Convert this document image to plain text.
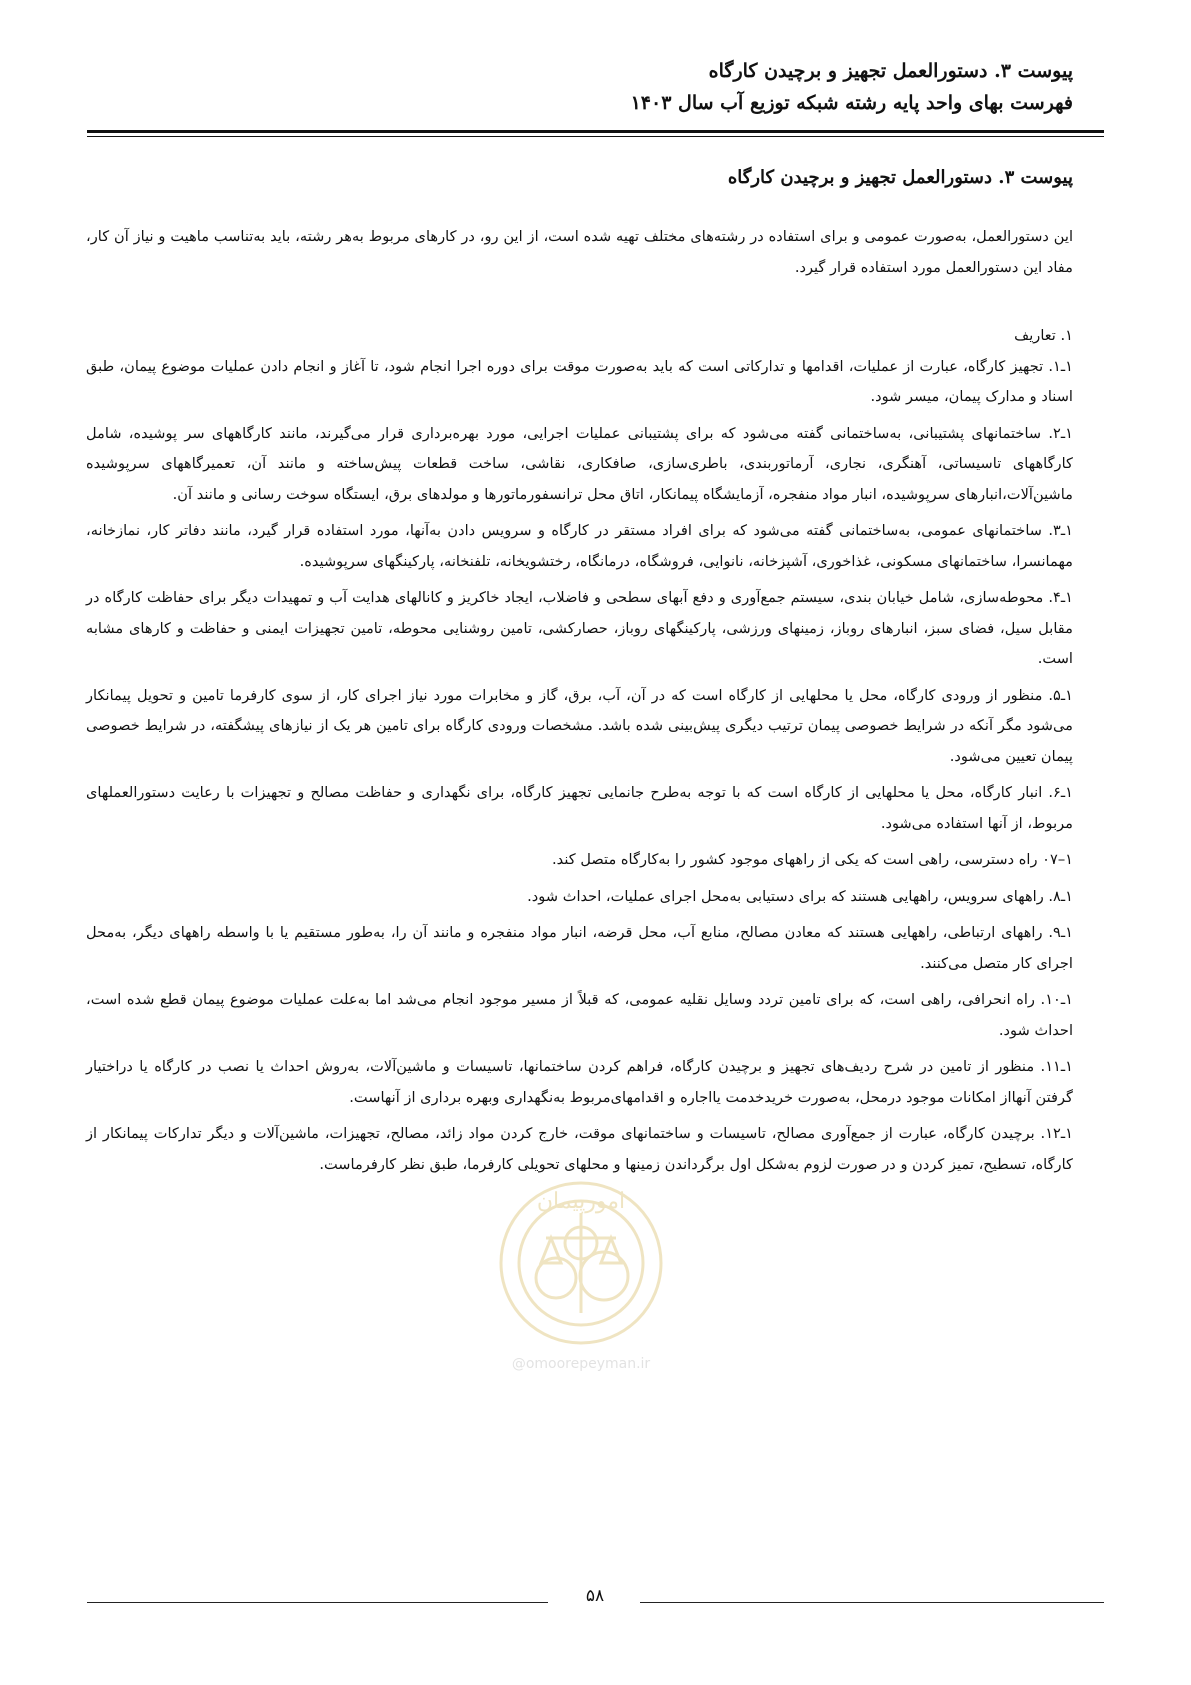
پیوست ۳. دستورالعمل تجهیز و برچیدن کارگاه
فهرست بهای واحد پایه رشته شبکه توزیع آب سال ۱۴۰۳
پیوست ۳. دستورالعمل تجهیز و برچیدن کارگاه

این دستورالعمل، به‌صورت عمومی و برای استفاده در رشته‌های مختلف تهیه شده است، از این رو، در کارهای مربوط به‌هر رشته، باید به‌تناسب ماهیت و نیاز آن کار، مفاد این دستورالعمل مورد استفاده قرار گیرد.

۱. تعاریف

۱ـ۱. تجهیز کارگاه، عبارت از عملیات، اقدامها و تدارکاتی است که باید به‌صورت موقت برای دوره اجرا انجام شود، تا آغاز و انجام دادن عملیات موضوع پیمان، طبق اسناد و مدارک پیمان، میسر شود.

۱ـ۲. ساختمانهای پشتیبانی، به‌ساختمانی گفته می‌شود که برای پشتیبانی عملیات اجرایی، مورد بهره‌برداری قرار می‌گیرند، مانند کارگاههای سر پوشیده، شامل کارگاههای تاسیساتی، آهنگری، نجاری، آرماتوربندی، باطری‌سازی، صافکاری، نقاشی، ساخت قطعات پیش‌ساخته و مانند آن، تعمیرگاههای سرپوشیده ماشین‌آلات،انبارهای سرپوشیده، انبار مواد منفجره، آزمایشگاه پیمانکار، اتاق محل ترانسفورماتورها و مولدهای برق، ایستگاه سوخت رسانی و مانند آن.

۱ـ۳. ساختمانهای عمومی، به‌ساختمانی گفته می‌شود که برای افراد مستقر در کارگاه و سرویس دادن به‌آنها، مورد استفاده قرار گیرد، مانند دفاتر کار، نمازخانه، مهمانسرا، ساختمانهای مسکونی، غذاخوری، آشپزخانه، نانوایی، فروشگاه، درمانگاه، رختشویخانه، تلفنخانه، پارکینگهای سرپوشیده.

۱ـ۴. محوطه‌سازی، شامل خیابان بندی، سیستم جمع‌آوری و دفع آبهای سطحی و فاضلاب، ایجاد خاکریز و کانالهای هدایت آب و تمهیدات دیگر برای حفاظت کارگاه در مقابل سیل، فضای سبز، انبارهای روباز، زمینهای ورزشی، پارکینگهای روباز، حصارکشی، تامین روشنایی محوطه، تامین تجهیزات ایمنی و حفاظت و کارهای مشابه است.

۱ـ۵. منظور از ورودی کارگاه، محل یا محلهایی از کارگاه است که در آن، آب، برق، گاز و مخابرات مورد نیاز اجرای کار، از سوی کارفرما تامین و تحویل پیمانکار می‌شود مگر آنکه در شرایط خصوصی پیمان ترتیب دیگری پیش‌بینی شده باشد. مشخصات ورودی کارگاه برای تامین هر یک از نیازهای پیشگفته، در شرایط خصوصی پیمان تعیین می‌شود.

۱ـ۶. انبار کارگاه، محل یا محلهایی از کارگاه است که با توجه به‌طرح جانمایی تجهیز کارگاه، برای نگهداری و حفاظت مصالح و تجهیزات با رعایت دستورالعملهای مربوط، از آنها استفاده می‌شود.

۱–۰۷ راه دسترسی، راهی است که یکی از راههای موجود کشور را به‌کارگاه متصل کند.

۱ـ۸. راههای سرویس، راههایی هستند که برای دستیابی به‌محل اجرای عملیات، احداث شود.

۱ـ۹. راههای ارتباطی، راههایی هستند که معادن مصالح، منابع آب، محل قرضه، انبار مواد منفجره و مانند آن را، به‌طور مستقیم یا با واسطه راههای دیگر، به‌محل اجرای کار متصل می‌کنند.

۱ـ۱۰. راه انحرافی، راهی است، که برای تامین تردد وسایل نقلیه عمومی، که قبلاً از مسیر موجود انجام می‌شد اما به‌علت عملیات موضوع پیمان قطع شده است، احداث شود.

۱ـ۱۱. منظور از تامین در شرح ردیف‌های تجهیز و برچیدن کارگاه، فراهم کردن ساختمانها، تاسیسات و ماشین‌آلات، به‌روش احداث یا نصب در کارگاه یا دراختیار گرفتن آنهااز امکانات موجود درمحل، به‌صورت خریدخدمت یااجاره و اقدامهای‌مربوط به‌نگهداری وبهره برداری از آنهاست.

۱ـ۱۲. برچیدن کارگاه، عبارت از جمع‌آوری مصالح، تاسیسات و ساختمانهای موقت، خارج کردن مواد زائد، مصالح، تجهیزات، ماشین‌آلات و دیگر تدارکات پیمانکار از کارگاه، تسطیح، تمیز کردن و در صورت لزوم به‌شکل اول برگرداندن زمینها و محلهای تحویلی کارفرما، طبق نظر کارفرماست.

امورپیمان
@omoorepeyman.ir
۵۸
